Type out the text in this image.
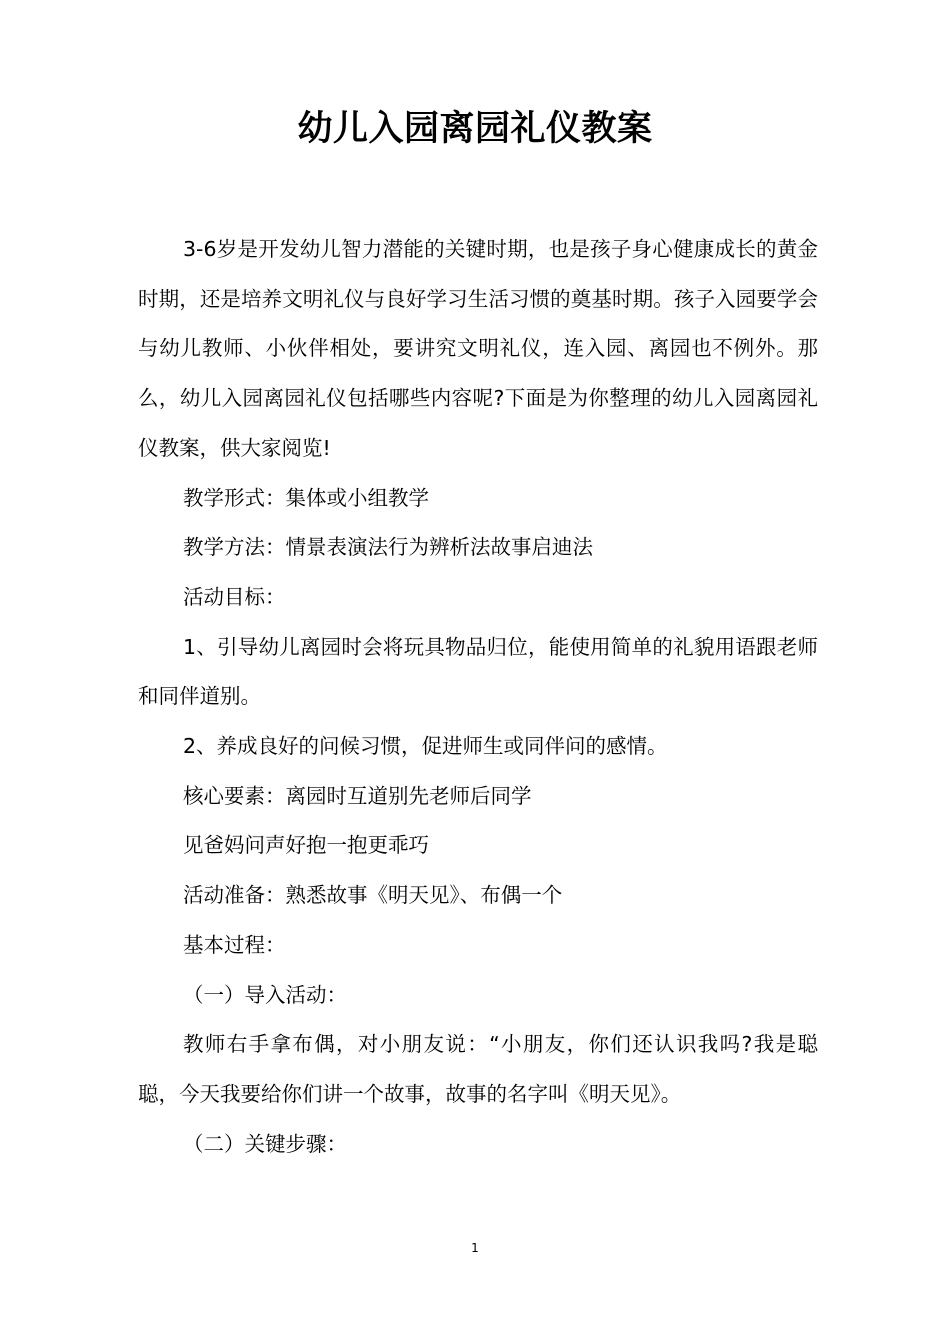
幼儿入园离园礼仪教案

3-6岁是开发幼儿智力潜能的关键时期，也是孩子身心健康成长的黄金时期，还是培养文明礼仪与良好学习生活习惯的奠基时期。孩子入园要学会与幼儿教师、小伙伴相处，要讲究文明礼仪，连入园、离园也不例外。那么，幼儿入园离园礼仪包括哪些内容呢?下面是为你整理的幼儿入园离园礼仪教案，供大家阅览!

教学形式：集体或小组教学

教学方法：情景表演法行为辨析法故事启迪法

活动目标：

1、引导幼儿离园时会将玩具物品归位，能使用简单的礼貌用语跟老师和同伴道别。

2、养成良好的问候习惯，促进师生或同伴问的感情。

核心要素：离园时互道别先老师后同学

见爸妈问声好抱一抱更乖巧

活动准备：熟悉故事《明天见》、布偶一个

基本过程：

（一）导入活动：

教师右手拿布偶，对小朋友说：“小朋友，你们还认识我吗?我是聪聪，今天我要给你们讲一个故事，故事的名字叫《明天见》。

（二）关键步骤：

1
